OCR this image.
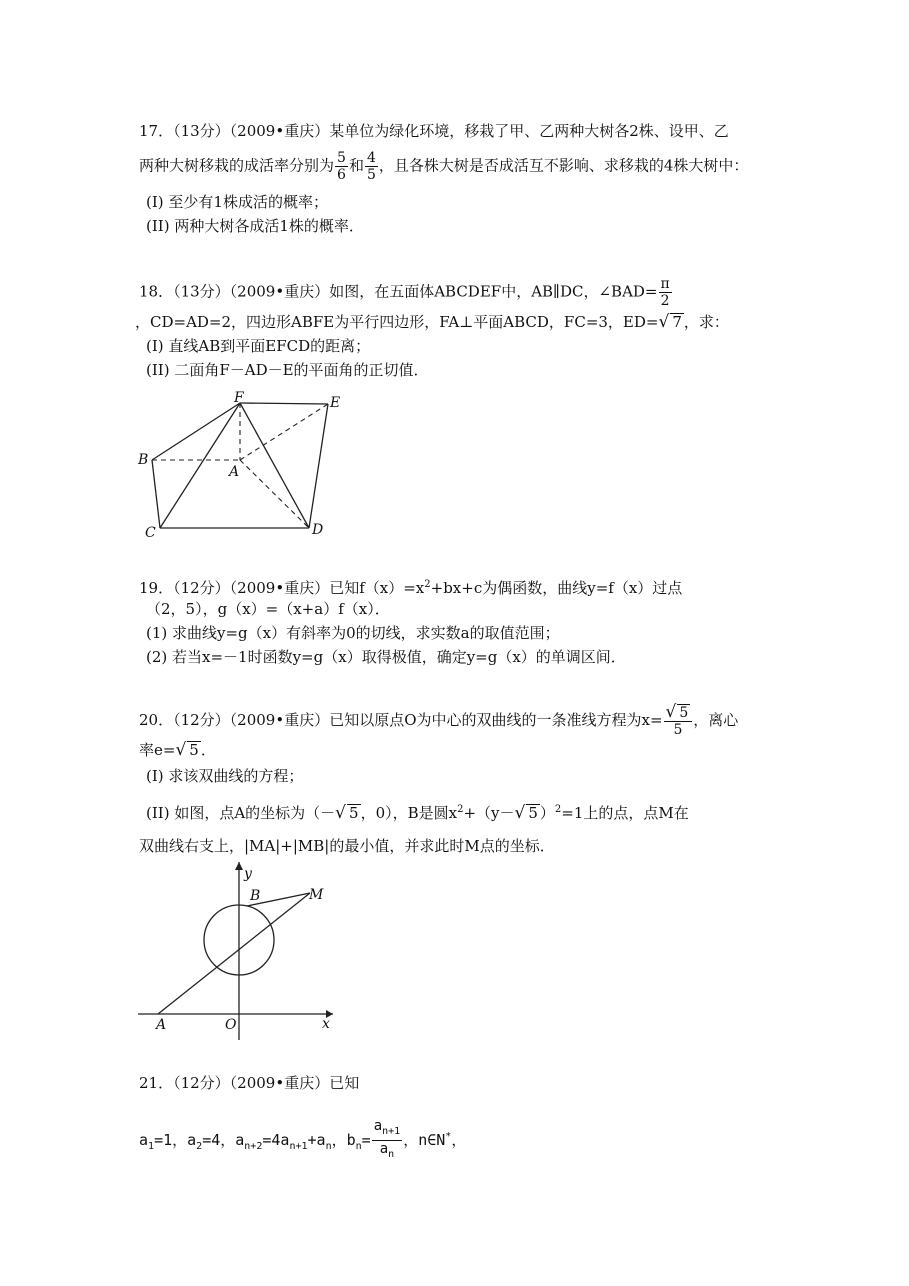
17．（13分）（2009•重庆）某单位为绿化环境，移栽了甲、乙两种大树各2株、设甲、乙
两种大树移栽的成活率分别为 $\frac{5}{6}$ 和 $\frac{4}{5}$ ，且各株大树是否成活互不影响、求移栽的4株大树中：
(I) 至少有1株成活的概率；
(II) 两种大树各成活1株的概率．
18．（13分）（2009•重庆）如图，在五面体ABCDEF中，AB∥DC，∠BAD= $\frac{\pi}{2}$
，CD=AD=2，四边形ABFE为平行四边形，FA⊥平面ABCD，FC=3，ED=√ 7 ，求：
(I) 直线AB到平面EFCD的距离；
(II) 二面角F－AD－E的平面角的正切值．
F	E
B
A
C	D
19．（12分）（2009•重庆）已知$f(x)=x^2+bx+c$为偶函数，曲线y=f（x）过点
（2，5），g（x）=（x+a）f（x）．
(1) 求曲线y=g（x）有斜率为0的切线，求实数a的取值范围；
(2) 若当x=－1时函数y=g（x）取得极值，确定y=g（x）的单调区间．
20．（12分）（2009•重庆）已知以原点O为中心的双曲线的一条准线方程为$x= \frac{√ 5}{5}$ ，离心
率e=√ 5 ．
(I) 求该双曲线的方程；
(II) 如图，点A的坐标为（－√ 5 ，0），B是圆$x^2+(y-√$ 5 ）$^2$=1上的点，点M在
双曲线右支上，|MA|+|MB|的最小值，并求此时M点的坐标．
y
B	M
A	O	x
21．（12分）（2009•重庆）已知
$a_1=1$，$a_2=4$，$a_{n+2}=4a_{n+1}+a_n$，$b_n= \frac{a_{n+1}}{a_n}$ ，n∈N*，
